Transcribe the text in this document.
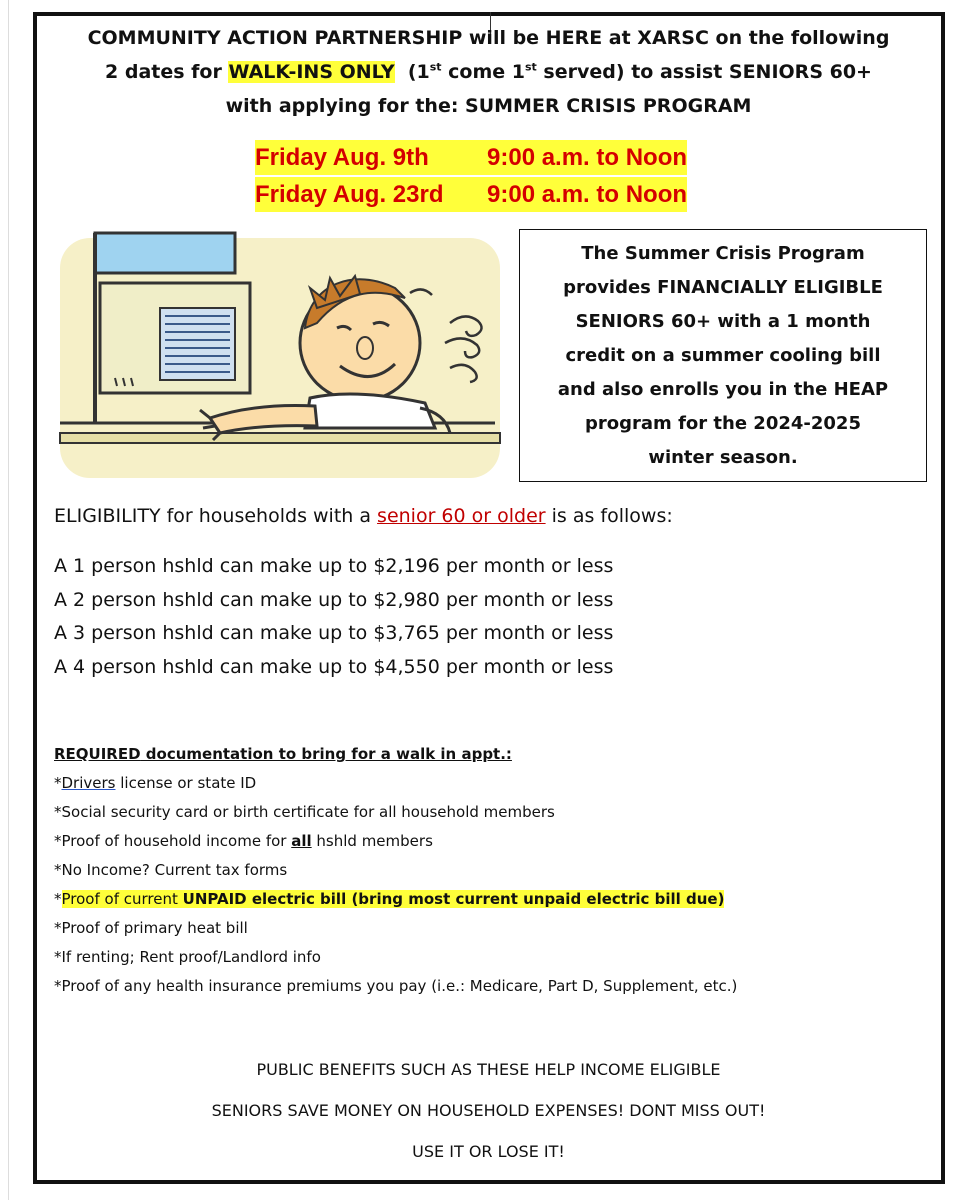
COMMUNITY ACTION PARTNERSHIP will be HERE at XARSC on the following
2 dates for WALK-INS ONLY (1st come 1st served) to assist SENIORS 60+
with applying for the: SUMMER CRISIS PROGRAM
Friday Aug. 9th 9:00 a.m. to Noon
Friday Aug. 23rd 9:00 a.m. to Noon
The Summer Crisis Program
provides FINANCIALLY ELIGIBLE
SENIORS 60+ with a 1 month
credit on a summer cooling bill
and also enrolls you in the HEAP
program for the 2024-2025
winter season.
ELIGIBILITY for households with a senior 60 or older is as follows:
A 1 person hshld can make up to $2,196 per month or less
A 2 person hshld can make up to $2,980 per month or less
A 3 person hshld can make up to $3,765 per month or less
A 4 person hshld can make up to $4,550 per month or less
REQUIRED documentation to bring for a walk in appt.:
*Drivers license or state ID
*Social security card or birth certificate for all household members
*Proof of household income for all hshld members
*No Income? Current tax forms
*Proof of current UNPAID electric bill (bring most current unpaid electric bill due)
*Proof of primary heat bill
*If renting; Rent proof/Landlord info
*Proof of any health insurance premiums you pay (i.e.: Medicare, Part D, Supplement, etc.)
PUBLIC BENEFITS SUCH AS THESE HELP INCOME ELIGIBLE
SENIORS SAVE MONEY ON HOUSEHOLD EXPENSES! DONT MISS OUT!
USE IT OR LOSE IT!
